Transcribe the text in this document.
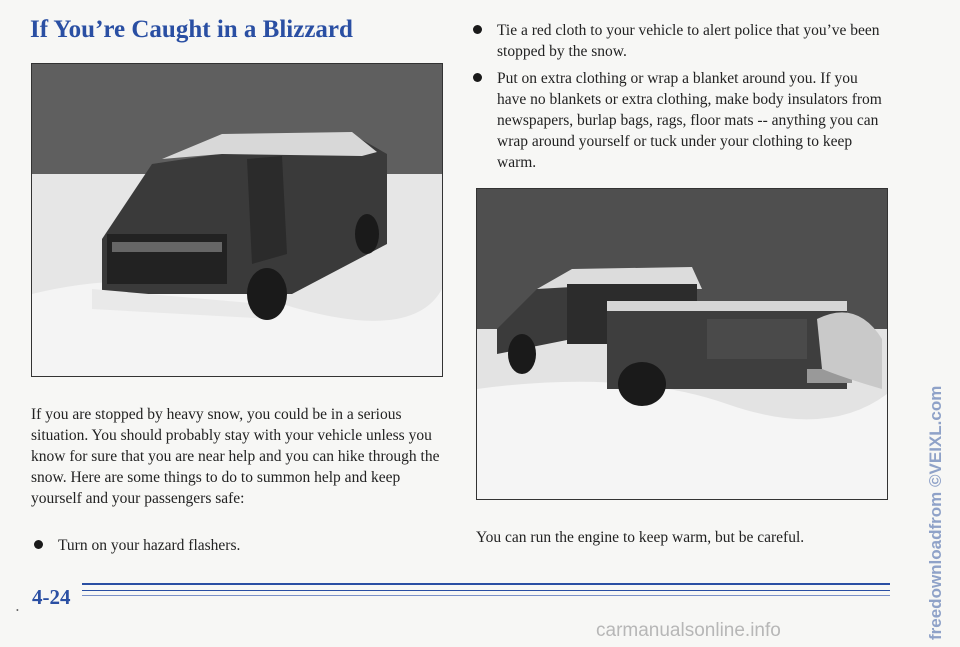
If You’re Caught in a Blizzard

If you are stopped by heavy snow, you could be in a serious situation. You should probably stay with your vehicle unless you know for sure that you are near help and you can hike through the snow. Here are some things to do to summon help and keep yourself and your passengers safe:

Turn on your hazard flashers.

Tie a red cloth to your vehicle to alert police that you’ve been stopped by the snow.

Put on extra clothing or wrap a blanket around you. If you have no blankets or extra clothing, make body insulators from newspapers, burlap bags, rags, floor mats -- anything you can wrap around yourself or tuck under your clothing to keep warm.

You can run the engine to keep warm, but be careful.

4-24
•	freedownloadfrom ©VEIXL.com
carmanualsonline.info
